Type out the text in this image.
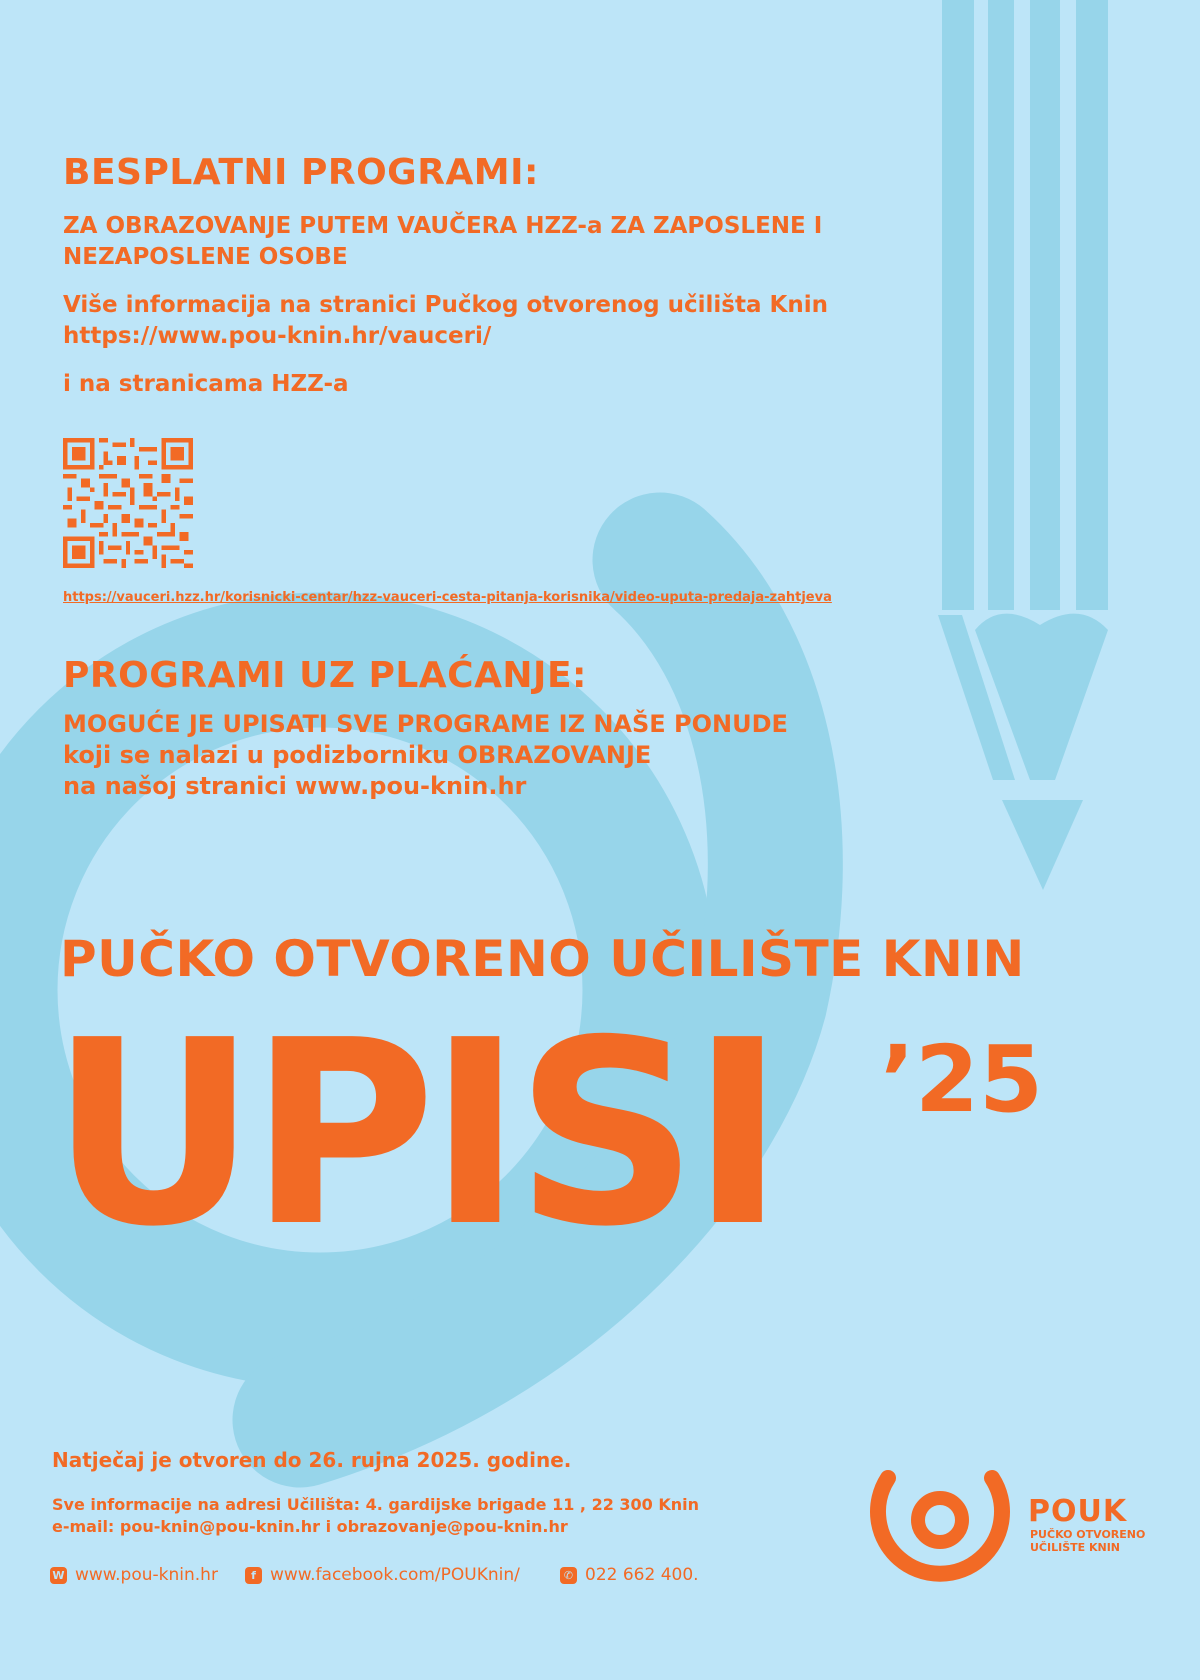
BESPLATNI PROGRAMI:
ZA OBRAZOVANJE PUTEM VAUČERA HZZ-a ZA ZAPOSLENE I
NEZAPOSLENE OSOBE
Više informacija na stranici Pučkog otvorenog učilišta Knin
https://www.pou-knin.hr/vauceri/
i na stranicama HZZ-a
https://vauceri.hzz.hr/korisnicki-centar/hzz-vauceri-cesta-pitanja-korisnika/video-uputa-predaja-zahtjeva
PROGRAMI UZ PLAĆANJE:
MOGUĆE JE UPISATI SVE PROGRAME IZ NAŠE PONUDE
koji se nalazi u podizborniku OBRAZOVANJE
na našoj stranici www.pou-knin.hr
PUČKO OTVORENO UČILIŠTE KNIN
UPISI ’25
Natječaj je otvoren do 26. rujna 2025. godine.
Sve informacije na adresi Učilišta: 4. gardijske brigade 11 , 22 300 Knin
e-mail: pou-knin@pou-knin.hr i obrazovanje@pou-knin.hr
W www.pou-knin.hr	f www.facebook.com/POUKnin/	✆ 022 662 400.
POUK
PUČKO OTVORENO
UČILIŠTE KNIN
